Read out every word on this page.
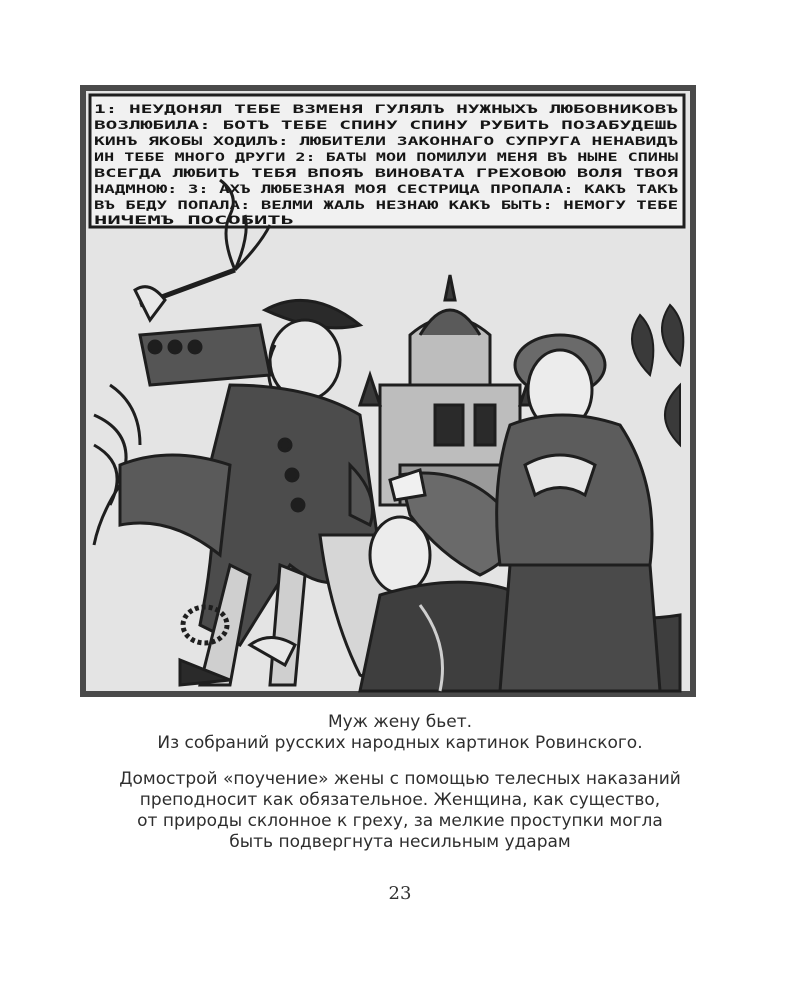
1: НЕУДОНЯЛ ТЕБЕ ВЗМЕНЯ ГУЛЯЛЪ НУЖНЫХЪ ЛЮБОВНИКОВЪ
ВОЗЛЮБИЛА: БОТЪ ТЕБЕ СПИНУ СПИНУ РУБИТЬ ПОЗАБУДЕШЬ
КИНЪ ЯКОБЫ ХОДИЛЪ: ЛЮБИТЕЛИ ЗАКОННАГО СУПРУГА НЕНАВИДЪ
ИН ТЕБЕ МНОГО ДРУГИ 2: БАТЫ МОИ ПОМИЛУИ МЕНЯ ВЪ НЫНЕ СПИНЫ
ВСЕГДА ЛЮБИТЬ ТЕБЯ ВПОЯЪ ВИНОВАТА ГРЕХОВОЮ ВОЛЯ ТВОЯ
НАДМНОЮ: 3: АХЪ ЛЮБЕЗНАЯ МОЯ СЕСТРИЦА ПРОПАЛА: КАКЪ ТАКЪ
ВЪ БЕДУ ПОПАЛА: ВЕЛМИ ЖАЛЬ НЕЗНАЮ КАКЪ БЫТЬ: НЕМОГУ ТЕБЕ
НИЧЕМЪ ПОСОБИТЬ
Муж жену бьет.
Из собраний русских народных картинок Ровинского.
Домострой «поучение» жены с помощью телесных наказаний
преподносит как обязательное. Женщина, как существо,
от природы склонное к греху, за мелкие проступки могла
быть подвергнута несильным ударам
23
